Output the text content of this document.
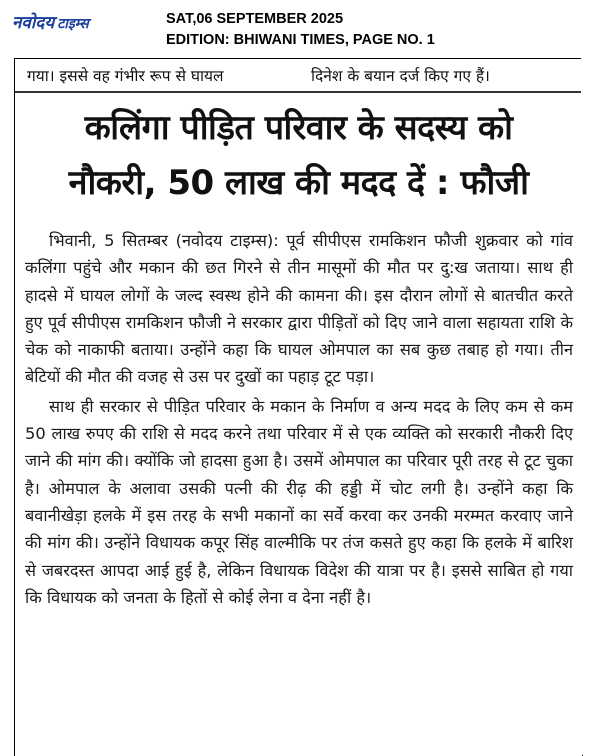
नवोदय टाइम्स	SAT,06 SEPTEMBER 2025
EDITION: BHIWANI TIMES, PAGE NO. 1
गया। इससे वह गंभीर रूप से घायल	दिनेश के बयान दर्ज किए गए हैं।
कलिंगा पीड़ित परिवार के सदस्य को
नौकरी, 50 लाख की मदद दें : फौजी

भिवानी, 5 सितम्बर (नवोदय टाइम्स): पूर्व सीपीएस रामकिशन फौजी शुक्रवार को गांव कलिंगा पहुंचे और मकान की छत गिरने से तीन मासूमों की मौत पर दु:ख जताया। साथ ही हादसे में घायल लोगों के जल्द स्वस्थ होने की कामना की। इस दौरान लोगों से बातचीत करते हुए पूर्व सीपीएस रामकिशन फौजी ने सरकार द्वारा पीड़ितों को दिए जाने वाला सहायता राशि के चेक को नाकाफी बताया। उन्होंने कहा कि घायल ओमपाल का सब कुछ तबाह हो गया। तीन बेटियों की मौत की वजह से उस पर दुखों का पहाड़ टूट पड़ा।

साथ ही सरकार से पीड़ित परिवार के मकान के निर्माण व अन्य मदद के लिए कम से कम 50 लाख रुपए की राशि से मदद करने तथा परिवार में से एक व्यक्ति को सरकारी नौकरी दिए जाने की मांग की। क्योंकि जो हादसा हुआ है। उसमें ओमपाल का परिवार पूरी तरह से टूट चुका है। ओमपाल के अलावा उसकी पत्नी की रीढ़ की हड्डी में चोट लगी है। उन्होंने कहा कि बवानीखेड़ा हलके में इस तरह के सभी मकानों का सर्वे करवा कर उनकी मरम्मत करवाए जाने की मांग की। उन्होंने विधायक कपूर सिंह वाल्मीकि पर तंज कसते हुए कहा कि हलके में बारिश से जबरदस्त आपदा आई हुई है, लेकिन विधायक विदेश की यात्रा पर है। इससे साबित हो गया कि विधायक को जनता के हितों से कोई लेना व देना नहीं है।
